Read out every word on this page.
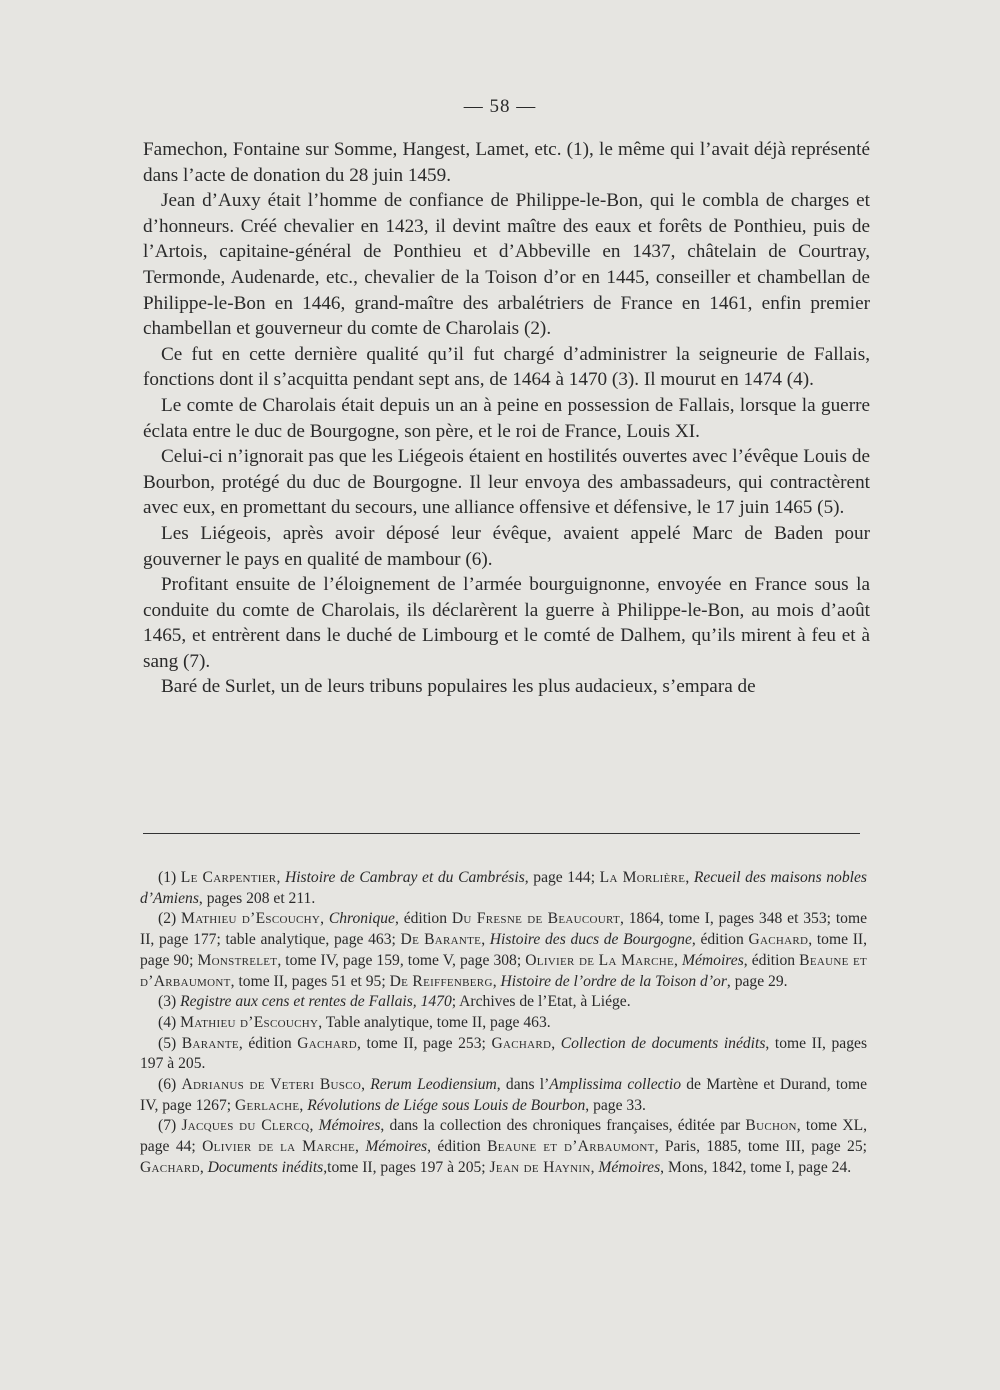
— 58 —

Famechon, Fontaine sur Somme, Hangest, Lamet, etc. (1), le même qui l’avait déjà représenté dans l’acte de donation du 28 juin 1459.

Jean d’Auxy était l’homme de confiance de Philippe-le-Bon, qui le combla de charges et d’honneurs. Créé chevalier en 1423, il devint maître des eaux et forêts de Ponthieu, puis de l’Artois, capitaine-général de Ponthieu et d’Abbeville en 1437, châtelain de Courtray, Termonde, Audenarde, etc., chevalier de la Toison d’or en 1445, conseiller et chambellan de Philippe-le-Bon en 1446, grand-maître des arbalétriers de France en 1461, enfin premier chambellan et gouverneur du comte de Charolais (2).

Ce fut en cette dernière qualité qu’il fut chargé d’administrer la seigneurie de Fallais, fonctions dont il s’acquitta pendant sept ans, de 1464 à 1470 (3). Il mourut en 1474 (4).

Le comte de Charolais était depuis un an à peine en possession de Fallais, lorsque la guerre éclata entre le duc de Bourgogne, son père, et le roi de France, Louis XI.

Celui-ci n’ignorait pas que les Liégeois étaient en hostilités ouvertes avec l’évêque Louis de Bourbon, protégé du duc de Bourgogne. Il leur envoya des ambassadeurs, qui contractèrent avec eux, en promettant du secours, une alliance offensive et défensive, le 17 juin 1465 (5).

Les Liégeois, après avoir déposé leur évêque, avaient appelé Marc de Baden pour gouverner le pays en qualité de mambour (6).

Profitant ensuite de l’éloignement de l’armée bourguignonne, envoyée en France sous la conduite du comte de Charolais, ils déclarèrent la guerre à Philippe-le-Bon, au mois d’août 1465, et entrèrent dans le duché de Limbourg et le comté de Dalhem, qu’ils mirent à feu et à sang (7).

Baré de Surlet, un de leurs tribuns populaires les plus audacieux, s’empara de

(1) Le Carpentier, Histoire de Cambray et du Cambrésis, page 144; La Morlière, Recueil des maisons nobles d’Amiens, pages 208 et 211.

(2) Mathieu d’Escouchy, Chronique, édition Du Fresne de Beaucourt, 1864, tome I, pages 348 et 353; tome II, page 177; table analytique, page 463; De Barante, Histoire des ducs de Bourgogne, édition Gachard, tome II, page 90; Monstrelet, tome IV, page 159, tome V, page 308; Olivier de La Marche, Mémoires, édition Beaune et d’Arbaumont, tome II, pages 51 et 95; De Reiffenberg, Histoire de l’ordre de la Toison d’or, page 29.

(3) Registre aux cens et rentes de Fallais, 1470; Archives de l’Etat, à Liége.

(4) Mathieu d’Escouchy, Table analytique, tome II, page 463.

(5) Barante, édition Gachard, tome II, page 253; Gachard, Collection de documents inédits, tome II, pages 197 à 205.

(6) Adrianus de Veteri Busco, Rerum Leodiensium, dans l’Amplissima collectio de Martène et Durand, tome IV, page 1267; Gerlache, Révolutions de Liége sous Louis de Bourbon, page 33.

(7) Jacques du Clercq, Mémoires, dans la collection des chroniques françaises, éditée par Buchon, tome XL, page 44; Olivier de la Marche, Mémoires, édition Beaune et d’Arbaumont, Paris, 1885, tome III, page 25; Gachard, Documents inédits,tome II, pages 197 à 205; Jean de Haynin, Mémoires, Mons, 1842, tome I, page 24.
